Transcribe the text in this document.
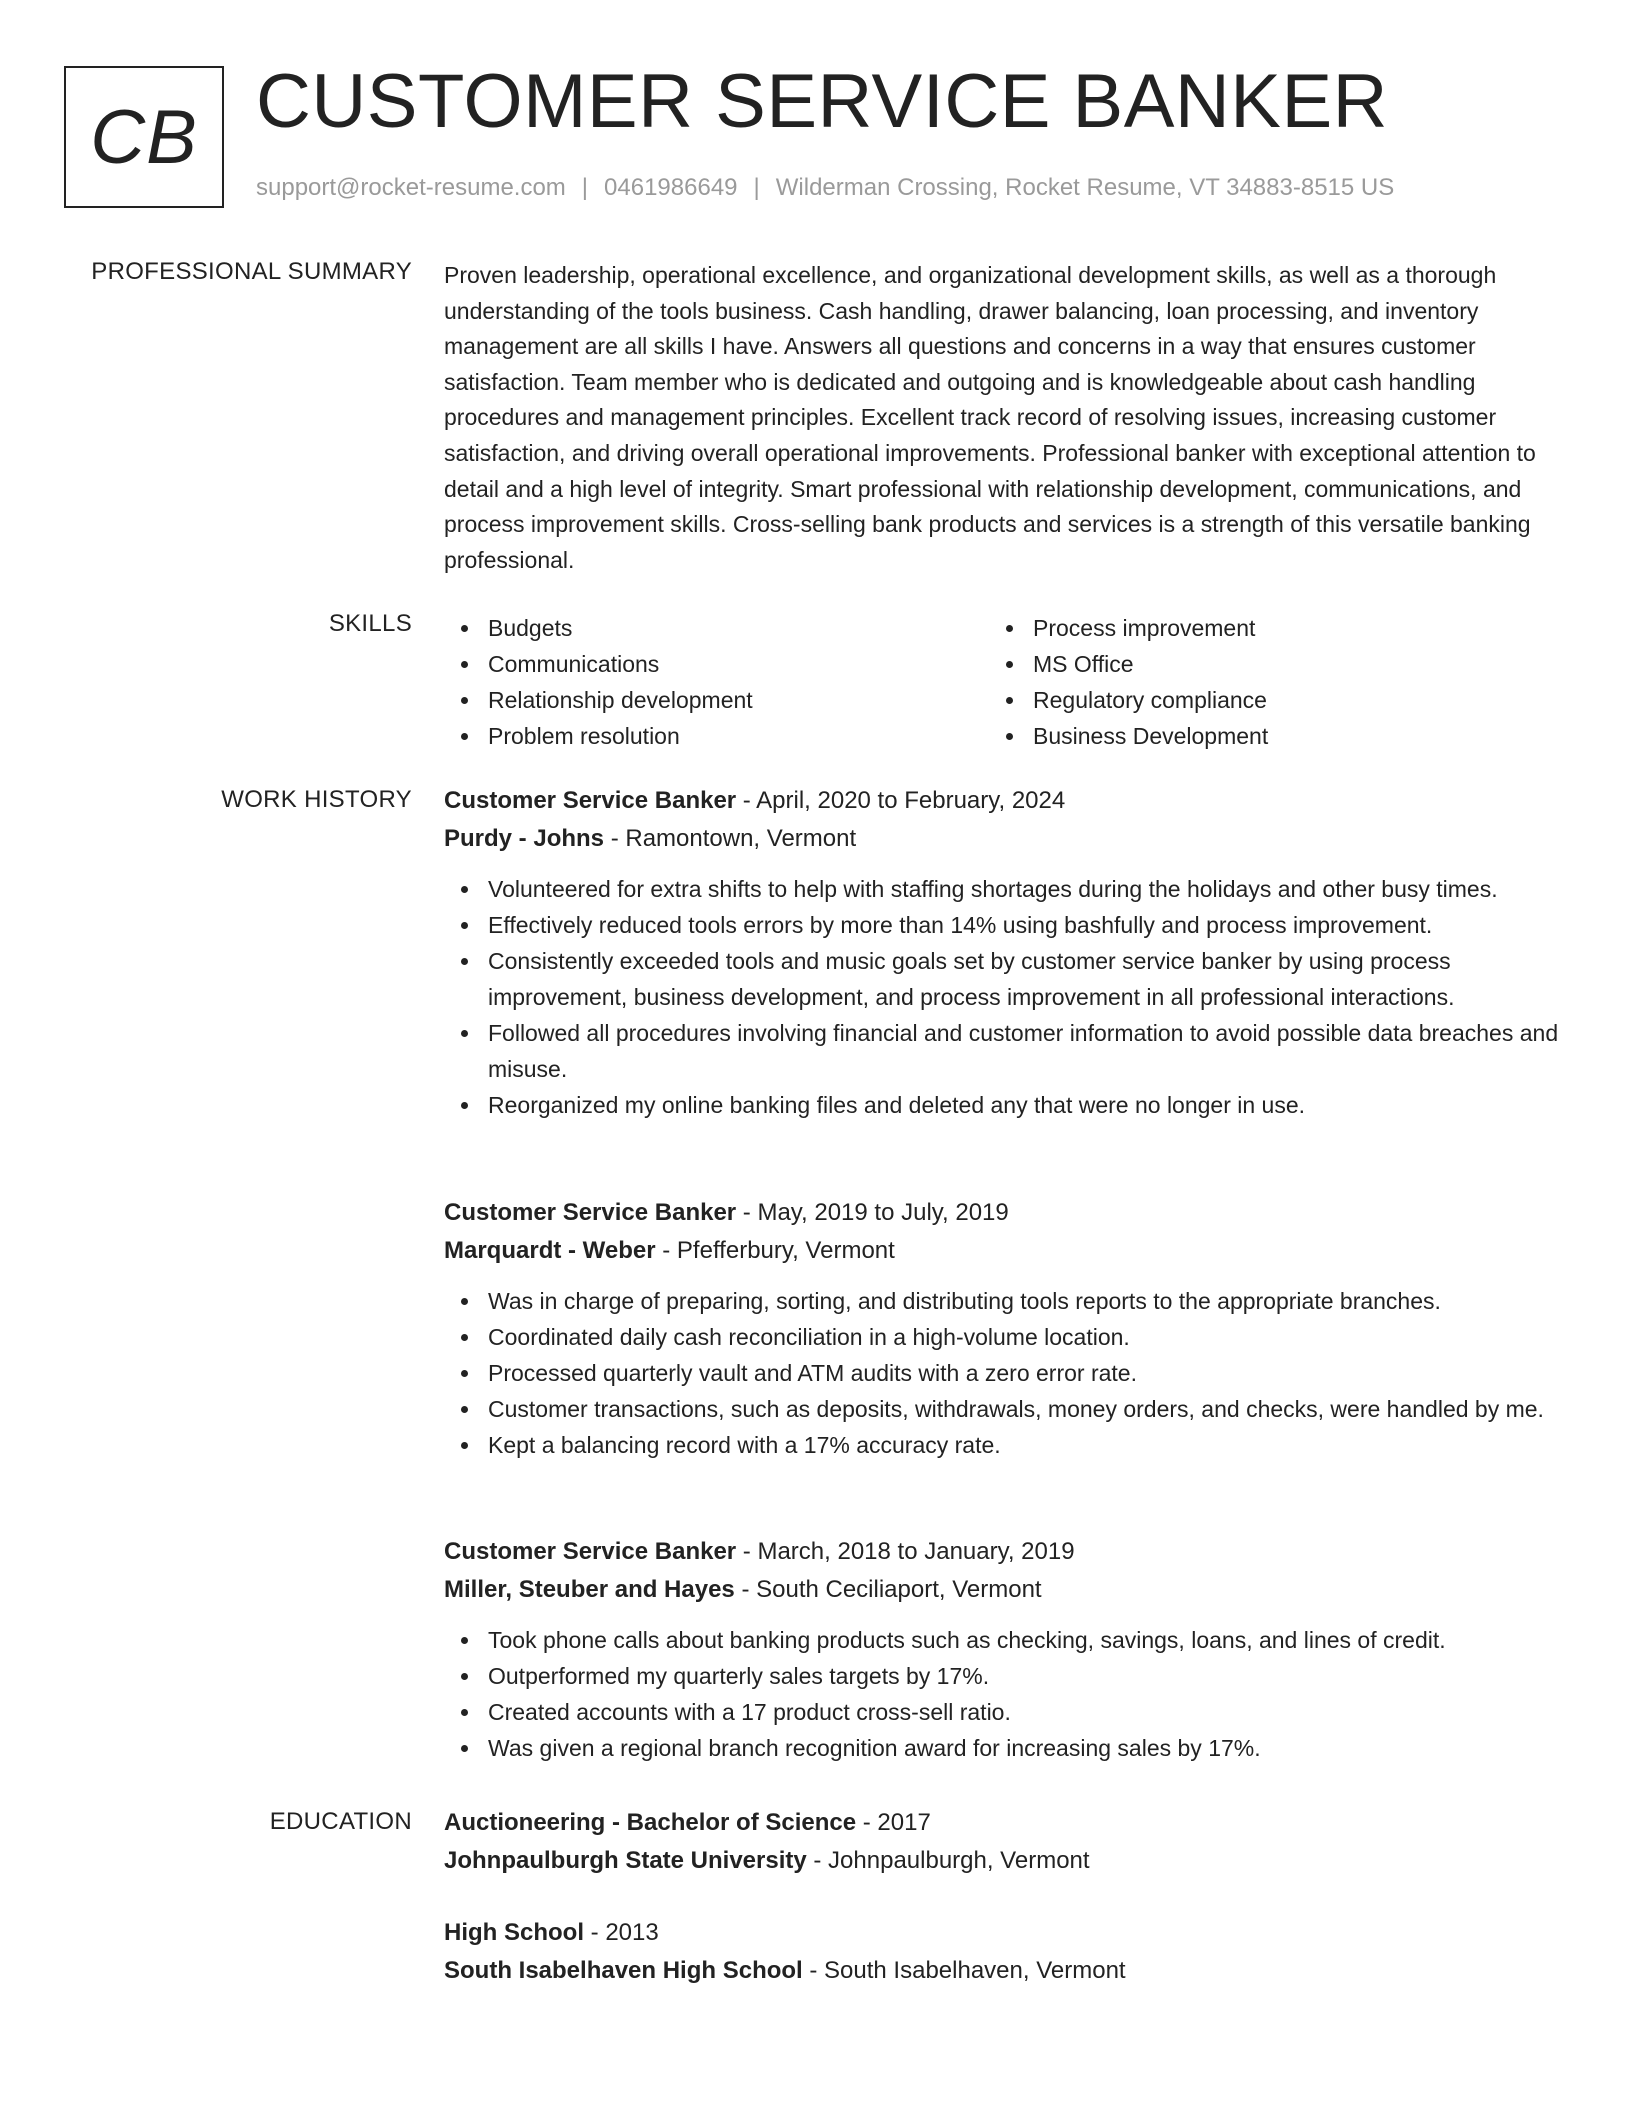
CB CUSTOMER SERVICE BANKER
support@rocket-resume.com | 0461986649 | Wilderman Crossing, Rocket Resume, VT 34883-8515 US
PROFESSIONAL SUMMARY Proven leadership, operational excellence, and organizational development skills, as well as a thorough understanding of the tools business. Cash handling, drawer balancing, loan processing, and inventory management are all skills I have. Answers all questions and concerns in a way that ensures customer satisfaction. Team member who is dedicated and outgoing and is knowledgeable about cash handling procedures and management principles. Excellent track record of resolving issues, increasing customer satisfaction, and driving overall operational improvements. Professional banker with exceptional attention to detail and a high level of integrity. Smart professional with relationship development, communications, and process improvement skills. Cross-selling bank products and services is a strength of this versatile banking professional.
SKILLS	Budgets
Communications
Relationship development
Problem resolution
Process improvement
MS Office
Regulatory compliance
Business Development
WORK HISTORY Customer Service Banker - April, 2020 to February, 2024
Purdy - Johns - Ramontown, Vermont
Volunteered for extra shifts to help with staffing shortages during the holidays and other busy times.
Effectively reduced tools errors by more than 14% using bashfully and process improvement.
Consistently exceeded tools and music goals set by customer service banker by using process improvement, business development, and process improvement in all professional interactions.
Followed all procedures involving financial and customer information to avoid possible data breaches and misuse.
Reorganized my online banking files and deleted any that were no longer in use.
Customer Service Banker - May, 2019 to July, 2019
Marquardt - Weber - Pfefferbury, Vermont
Was in charge of preparing, sorting, and distributing tools reports to the appropriate branches.
Coordinated daily cash reconciliation in a high-volume location.
Processed quarterly vault and ATM audits with a zero error rate.
Customer transactions, such as deposits, withdrawals, money orders, and checks, were handled by me.
Kept a balancing record with a 17% accuracy rate.
Customer Service Banker - March, 2018 to January, 2019
Miller, Steuber and Hayes - South Ceciliaport, Vermont
Took phone calls about banking products such as checking, savings, loans, and lines of credit.
Outperformed my quarterly sales targets by 17%.
Created accounts with a 17 product cross-sell ratio.
Was given a regional branch recognition award for increasing sales by 17%.
EDUCATION Auctioneering - Bachelor of Science - 2017
Johnpaulburgh State University - Johnpaulburgh, Vermont
High School - 2013
South Isabelhaven High School - South Isabelhaven, Vermont
